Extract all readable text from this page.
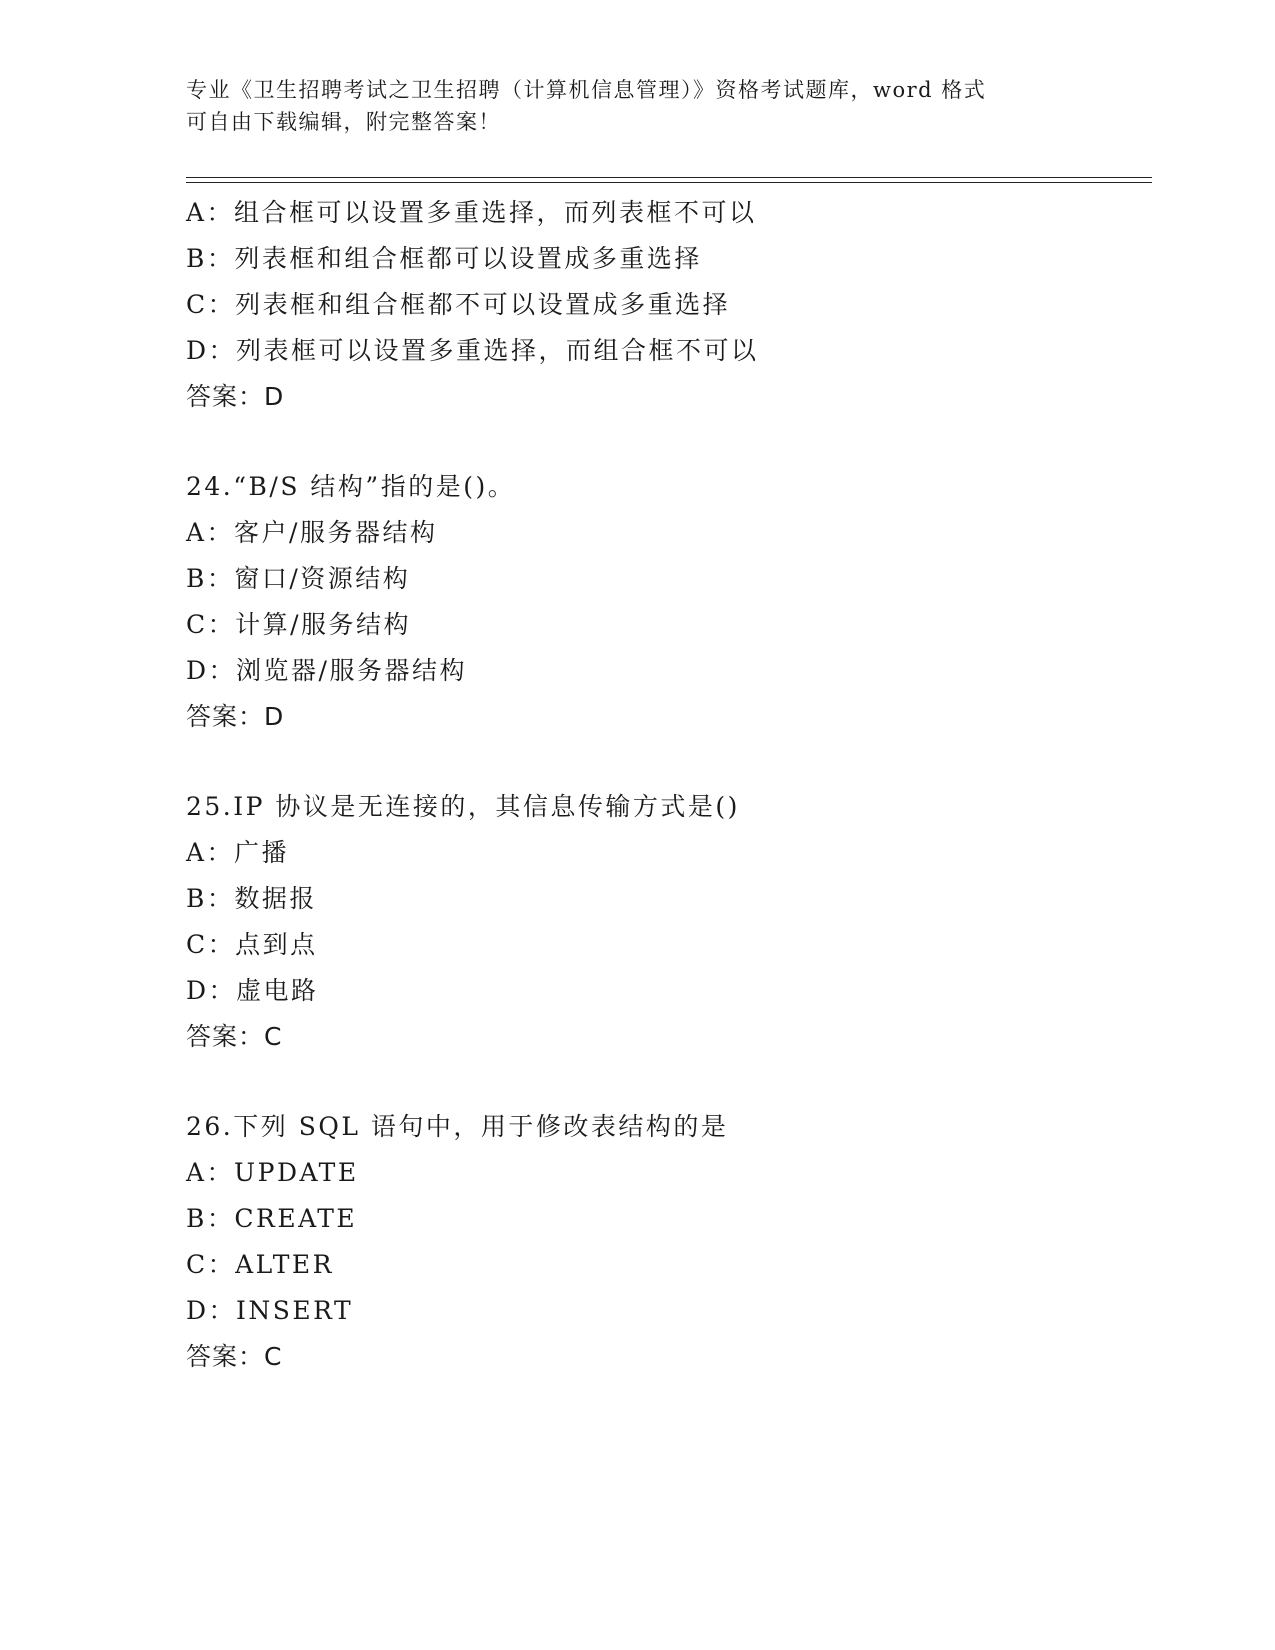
专业《卫生招聘考试之卫生招聘（计算机信息管理）》资格考试题库，word 格式
可自由下载编辑，附完整答案！
A：组合框可以设置多重选择，而列表框不可以
B：列表框和组合框都可以设置成多重选择
C：列表框和组合框都不可以设置成多重选择
D：列表框可以设置多重选择，而组合框不可以
答案：D
24.“B/S 结构”指的是()。
A：客户/服务器结构
B：窗口/资源结构
C：计算/服务结构
D：浏览器/服务器结构
答案：D
25.IP 协议是无连接的，其信息传输方式是()
A：广播
B：数据报
C：点到点
D：虚电路
答案：C
26.下列 SQL 语句中，用于修改表结构的是
A：UPDATE
B：CREATE
C：ALTER
D：INSERT
答案：C
